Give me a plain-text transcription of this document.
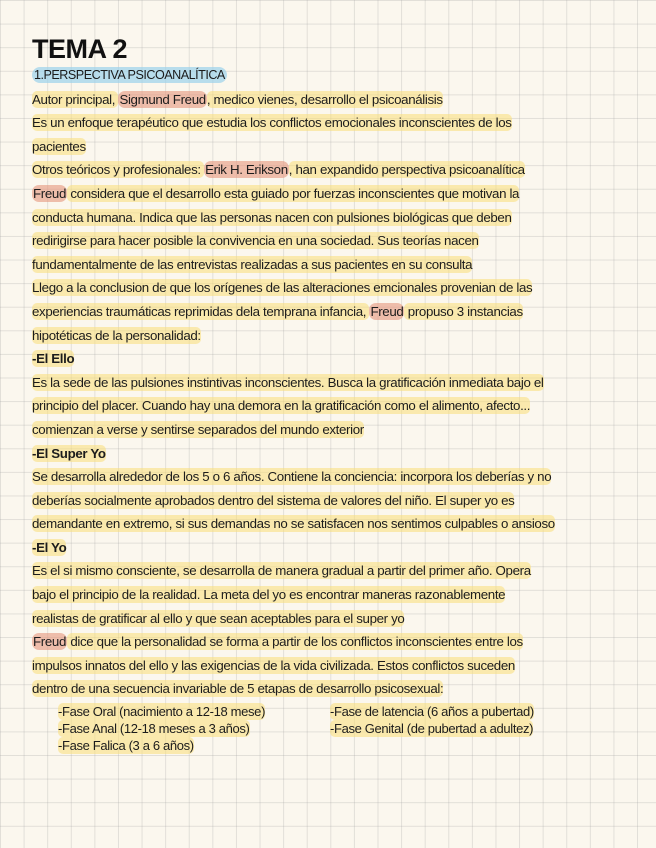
TEMA 2
1.PERSPECTIVA PSICOANALÍTICA
Autor principal, Sigmund Freud, medico vienes, desarrollo el psicoanálisis
Es un enfoque terapéutico que estudia los conflictos emocionales inconscientes de los
pacientes
Otros teóricos y profesionales: Erik H. Erikson, han expandido perspectiva psicoanalítica
Freud considera que el desarrollo esta guiado por fuerzas inconscientes que motivan la
conducta humana. Indica que las personas nacen con pulsiones biológicas que deben
redirigirse para hacer posible la convivencia en una sociedad. Sus teorías nacen
fundamentalmente de las entrevistas realizadas a sus pacientes en su consulta
Llego a la conclusion de que los orígenes de las alteraciones emcionales provenian de las
experiencias traumáticas reprimidas dela temprana infancia, Freud propuso 3 instancias
hipotéticas de la personalidad:
-El Ello
Es la sede de las pulsiones instintivas inconscientes. Busca la gratificación inmediata bajo el
principio del placer. Cuando hay una demora en la gratificación como el alimento, afecto...
comienzan a verse y sentirse separados del mundo exterior
-El Super Yo
Se desarrolla alrededor de los 5 o 6 años. Contiene la conciencia: incorpora los deberías y no
deberías socialmente aprobados dentro del sistema de valores del niño. El super yo es
demandante en extremo, si sus demandas no se satisfacen nos sentimos culpables o ansioso
-El Yo
Es el si mismo consciente, se desarrolla de manera gradual a partir del primer año. Opera
bajo el principio de la realidad. La meta del yo es encontrar maneras razonablemente
realistas de gratificar al ello y que sean aceptables para el super yo
Freud dice que la personalidad se forma a partir de los conflictos inconscientes entre los
impulsos innatos del ello y las exigencias de la vida civilizada. Estos conflictos suceden
dentro de una secuencia invariable de 5 etapas de desarrollo psicosexual:
-Fase Oral (nacimiento a 12-18 mese)
-Fase Anal (12-18 meses a 3 años)
-Fase Falica (3 a 6 años)
-Fase de latencia (6 años a pubertad)
-Fase Genital (de pubertad a adultez)
